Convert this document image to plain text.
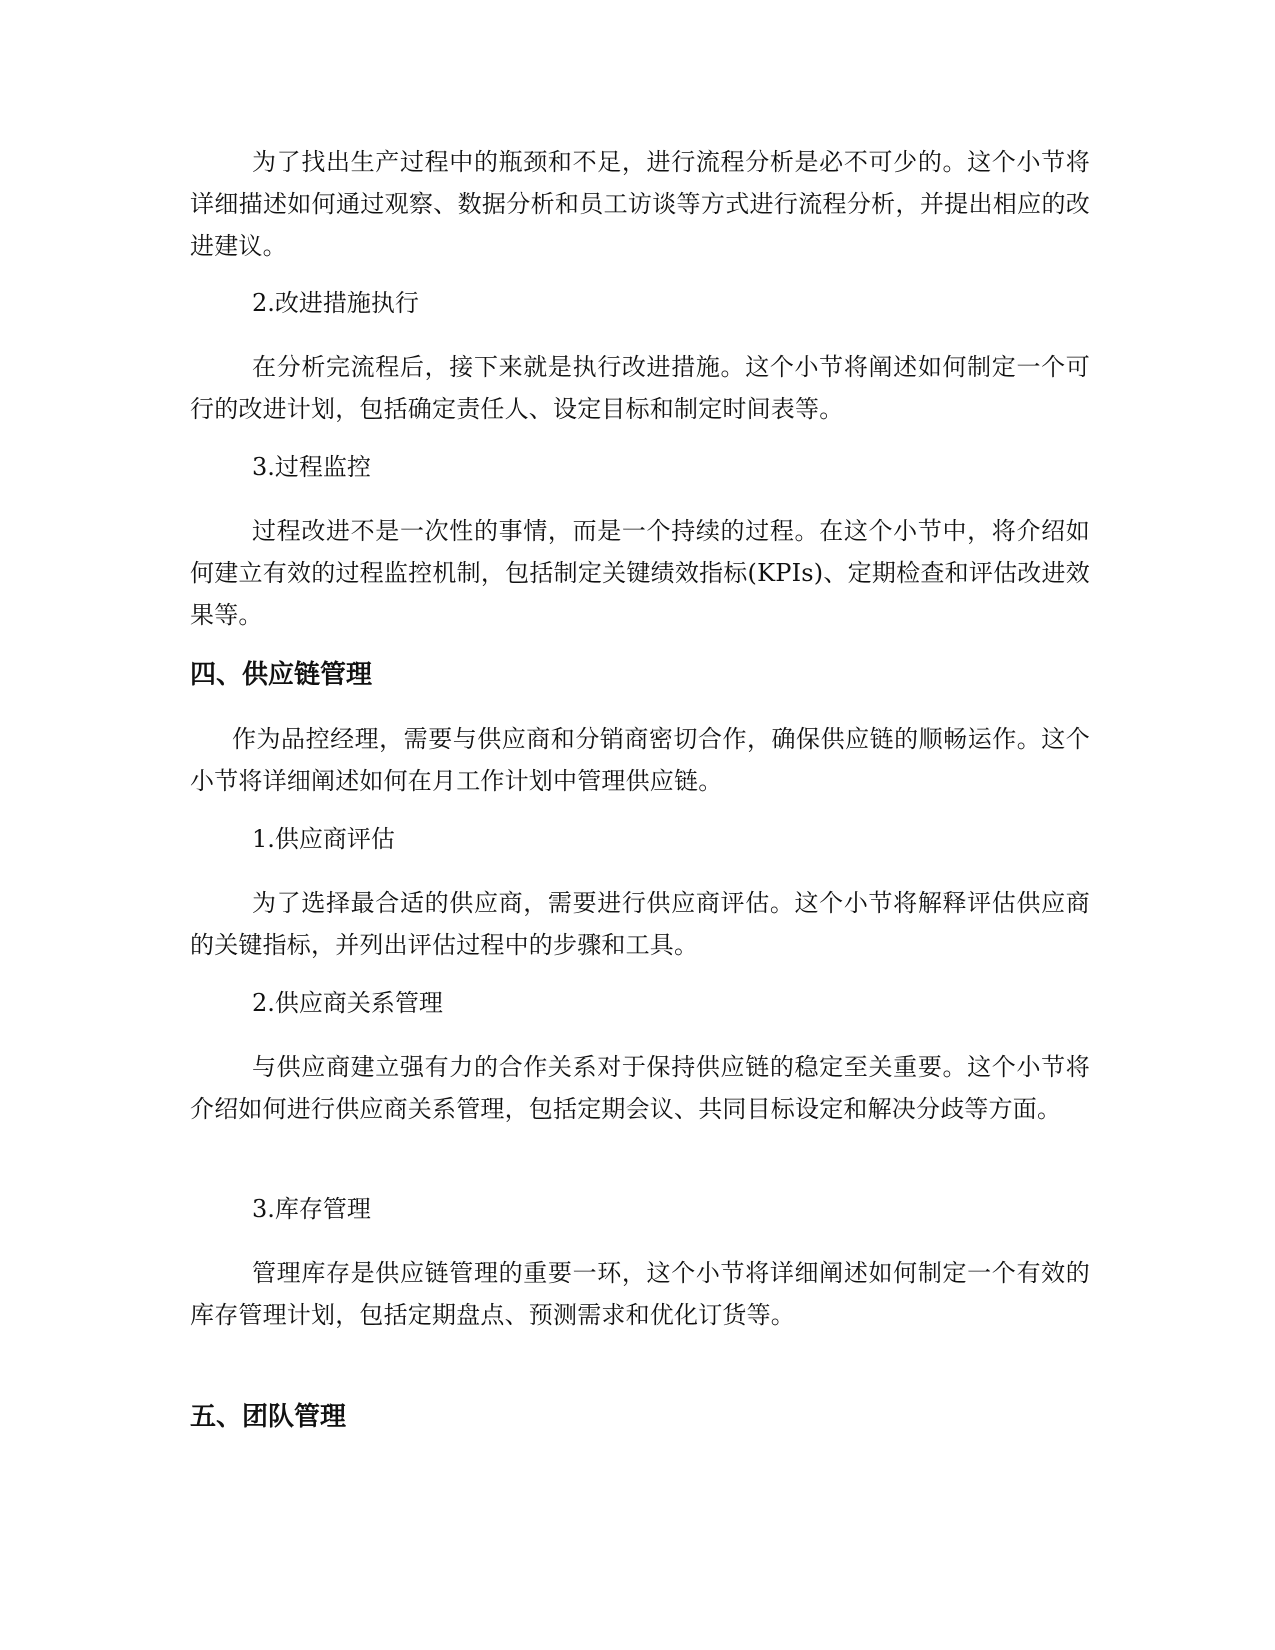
为了找出生产过程中的瓶颈和不足，进行流程分析是必不可少的。这个小节将详细描述如何通过观察、数据分析和员工访谈等方式进行流程分析，并提出相应的改进建议。

2.改进措施执行

在分析完流程后，接下来就是执行改进措施。这个小节将阐述如何制定一个可行的改进计划，包括确定责任人、设定目标和制定时间表等。

3.过程监控

过程改进不是一次性的事情，而是一个持续的过程。在这个小节中，将介绍如何建立有效的过程监控机制，包括制定关键绩效指标(KPIs)、定期检查和评估改进效果等。

四、供应链管理

作为品控经理，需要与供应商和分销商密切合作，确保供应链的顺畅运作。这个小节将详细阐述如何在月工作计划中管理供应链。

1.供应商评估

为了选择最合适的供应商，需要进行供应商评估。这个小节将解释评估供应商的关键指标，并列出评估过程中的步骤和工具。

2.供应商关系管理

与供应商建立强有力的合作关系对于保持供应链的稳定至关重要。这个小节将介绍如何进行供应商关系管理，包括定期会议、共同目标设定和解决分歧等方面。

3.库存管理

管理库存是供应链管理的重要一环，这个小节将详细阐述如何制定一个有效的库存管理计划，包括定期盘点、预测需求和优化订货等。

五、团队管理
